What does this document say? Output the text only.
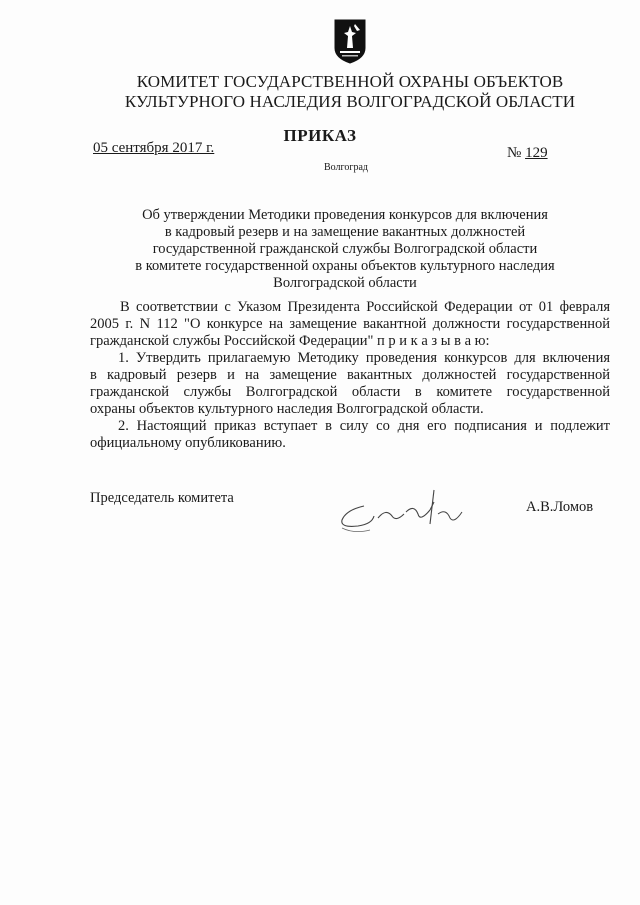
КОМИТЕТ ГОСУДАРСТВЕННОЙ ОХРАНЫ ОБЪЕКТОВ
КУЛЬТУРНОГО НАСЛЕДИЯ ВОЛГОГРАДСКОЙ ОБЛАСТИ
ПРИКАЗ
05 сентября 2017 г.	№ 129
Волгоград
Об утверждении Методики проведения конкурсов для включения
в кадровый резерв и на замещение вакантных должностей
государственной гражданской службы Волгоградской области
в комитете государственной охраны объектов культурного наследия
Волгоградской области
В соответствии с Указом Президента Российской Федерации от 01 февраля
2005 г. N 112 "О конкурсе на замещение вакантной должности государственной
гражданской службы Российской Федерации" п р и к а з ы в а ю:
1. Утвердить прилагаемую Методику проведения конкурсов для включения
в кадровый резерв и на замещение вакантных должностей государственной
гражданской службы Волгоградской области в комитете государственной
охраны объектов культурного наследия Волгоградской области.
2. Настоящий приказ вступает в силу со дня его подписания и подлежит
официальному опубликованию.
Председатель комитета
А.В.Ломов
